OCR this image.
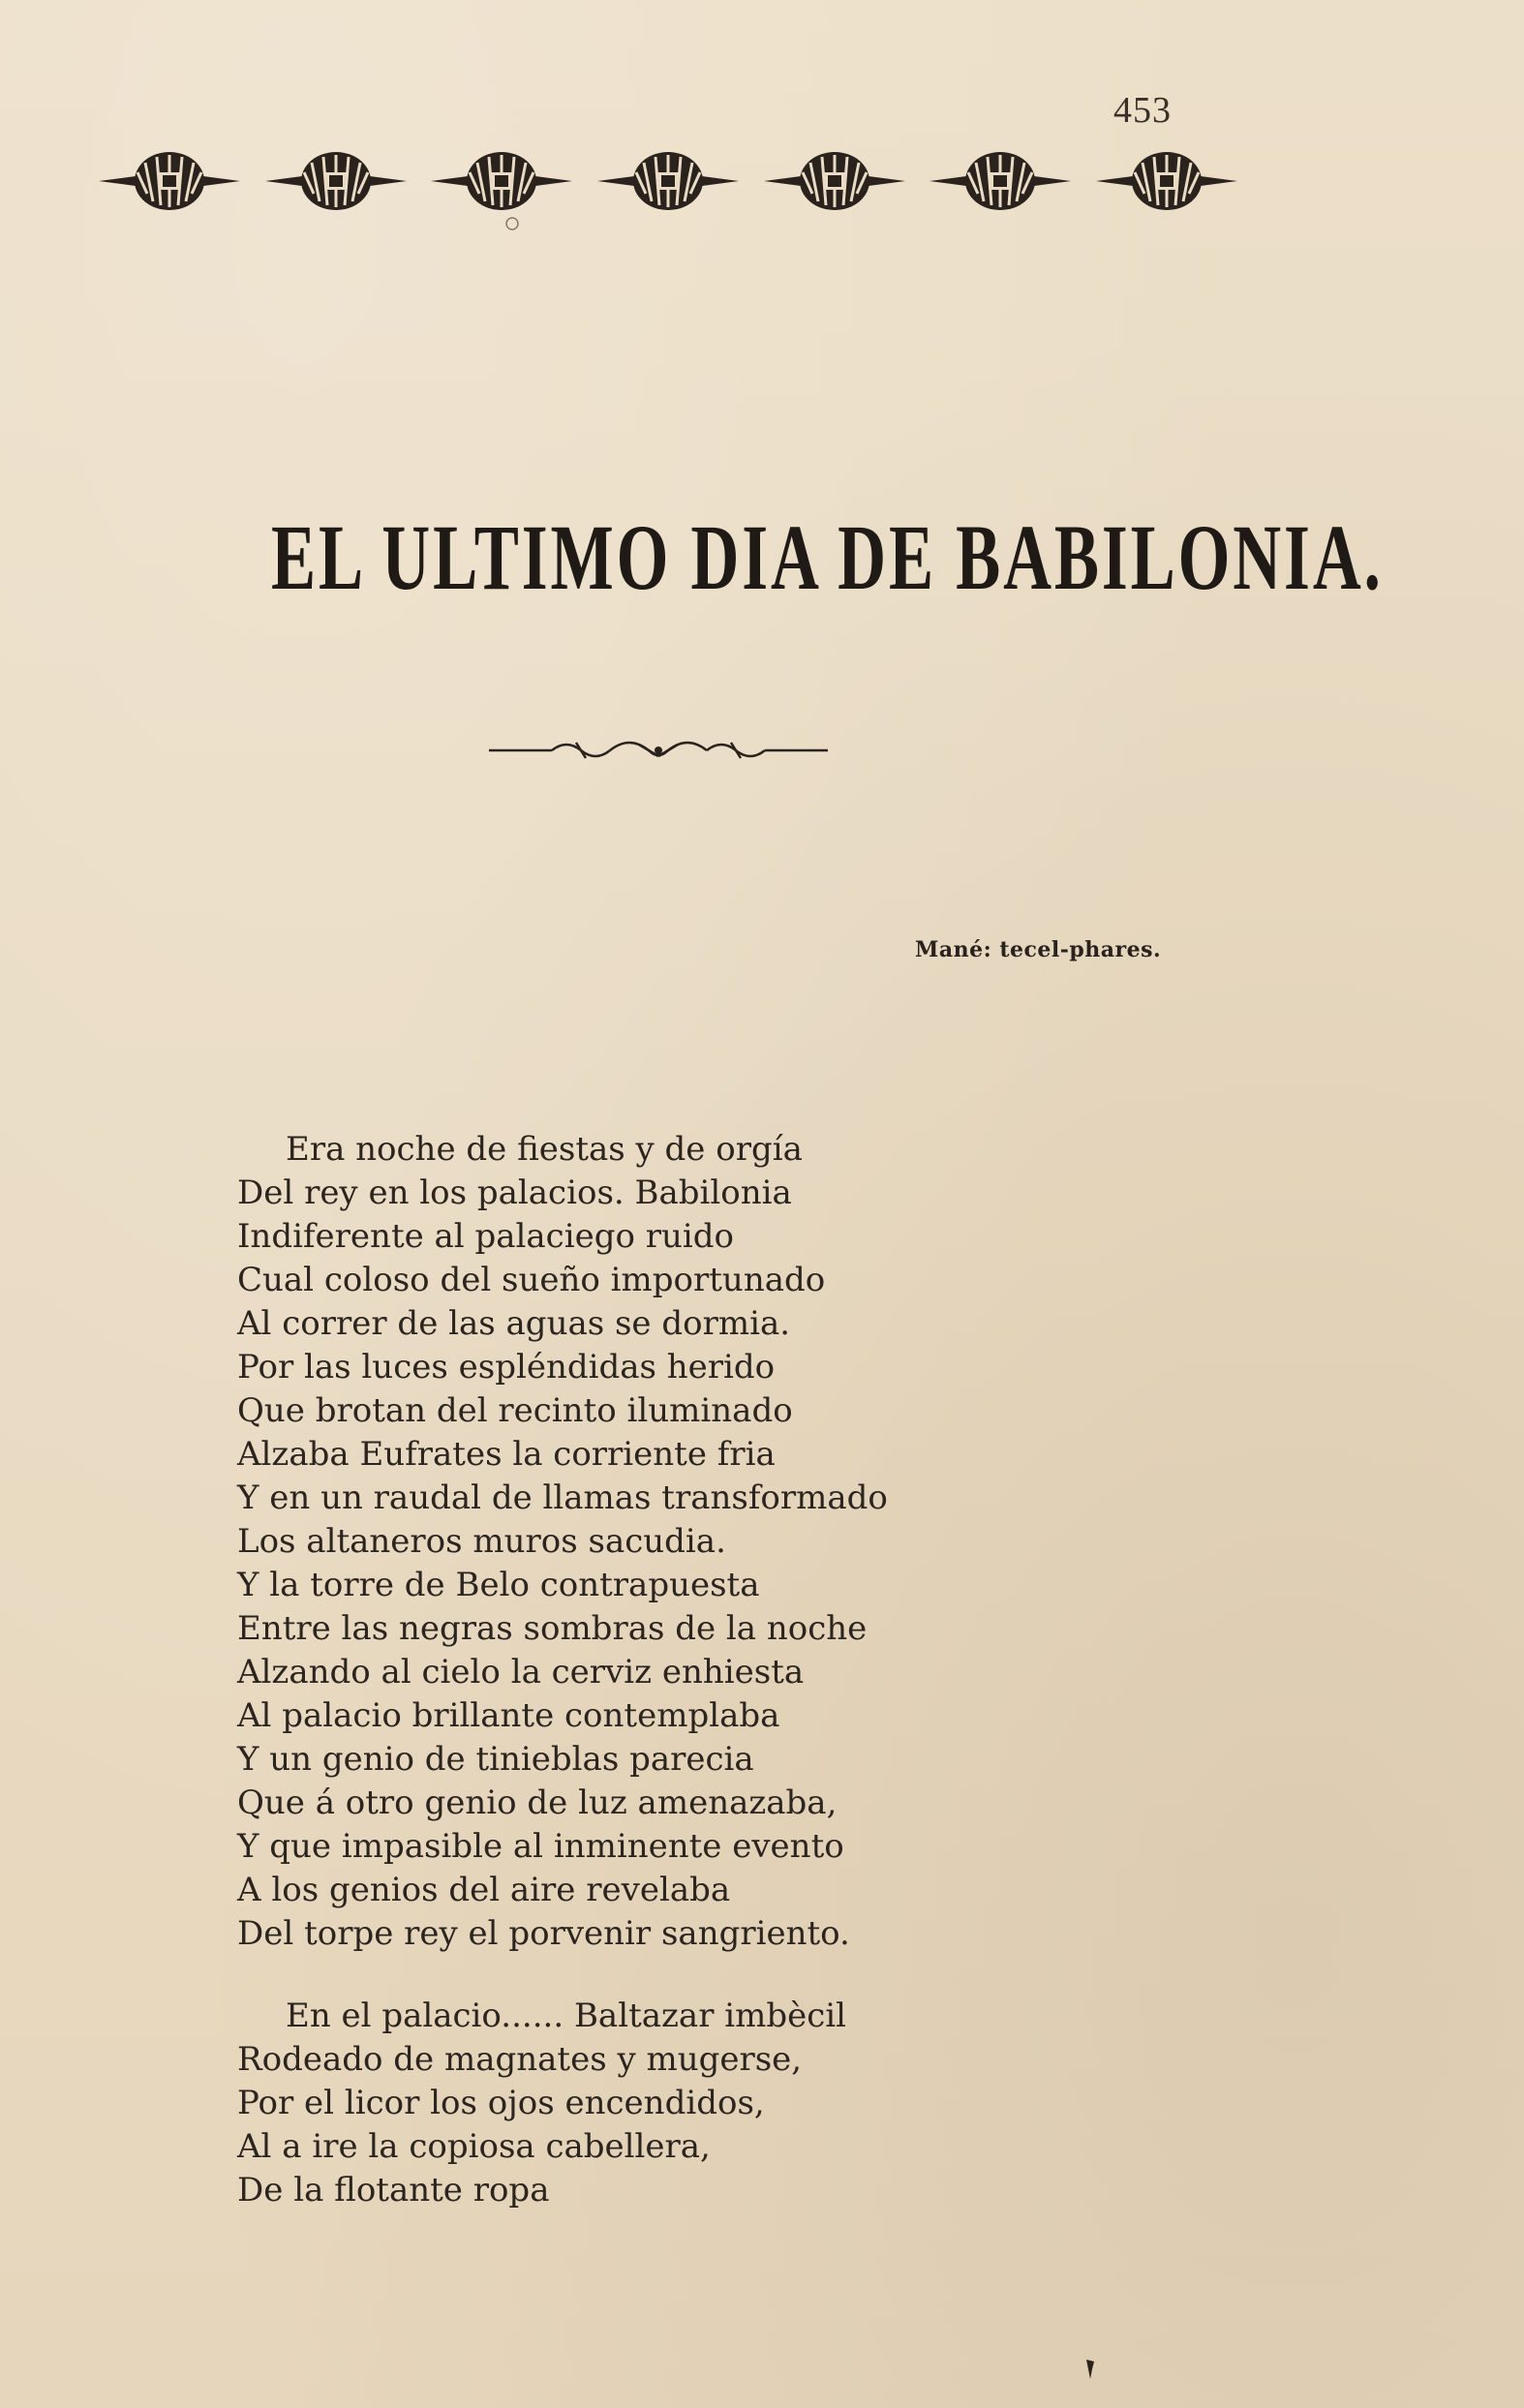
453
EL ULTIMO DIA DE BABILONIA.
Mané: tecel-phares.
Era noche de fiestas y de orgía
Del rey en los palacios. Babilonia
Indiferente al palaciego ruido
Cual coloso del sueño importunado
Al correr de las aguas se dormia.
Por las luces espléndidas herido
Que brotan del recinto iluminado
Alzaba Eufrates la corriente fria
Y en un raudal de llamas transformado
Los altaneros muros sacudia.
Y la torre de Belo contrapuesta
Entre las negras sombras de la noche
Alzando al cielo la cerviz enhiesta
Al palacio brillante contemplaba
Y un genio de tinieblas parecia
Que á otro genio de luz amenazaba,
Y que impasible al inminente evento
A los genios del aire revelaba
Del torpe rey el porvenir sangriento.
En el palacio...... Baltazar imbècil
Rodeado de magnates y mugerse,
Por el licor los ojos encendidos,
Al a ire la copiosa cabellera,
De la flotante ropa
